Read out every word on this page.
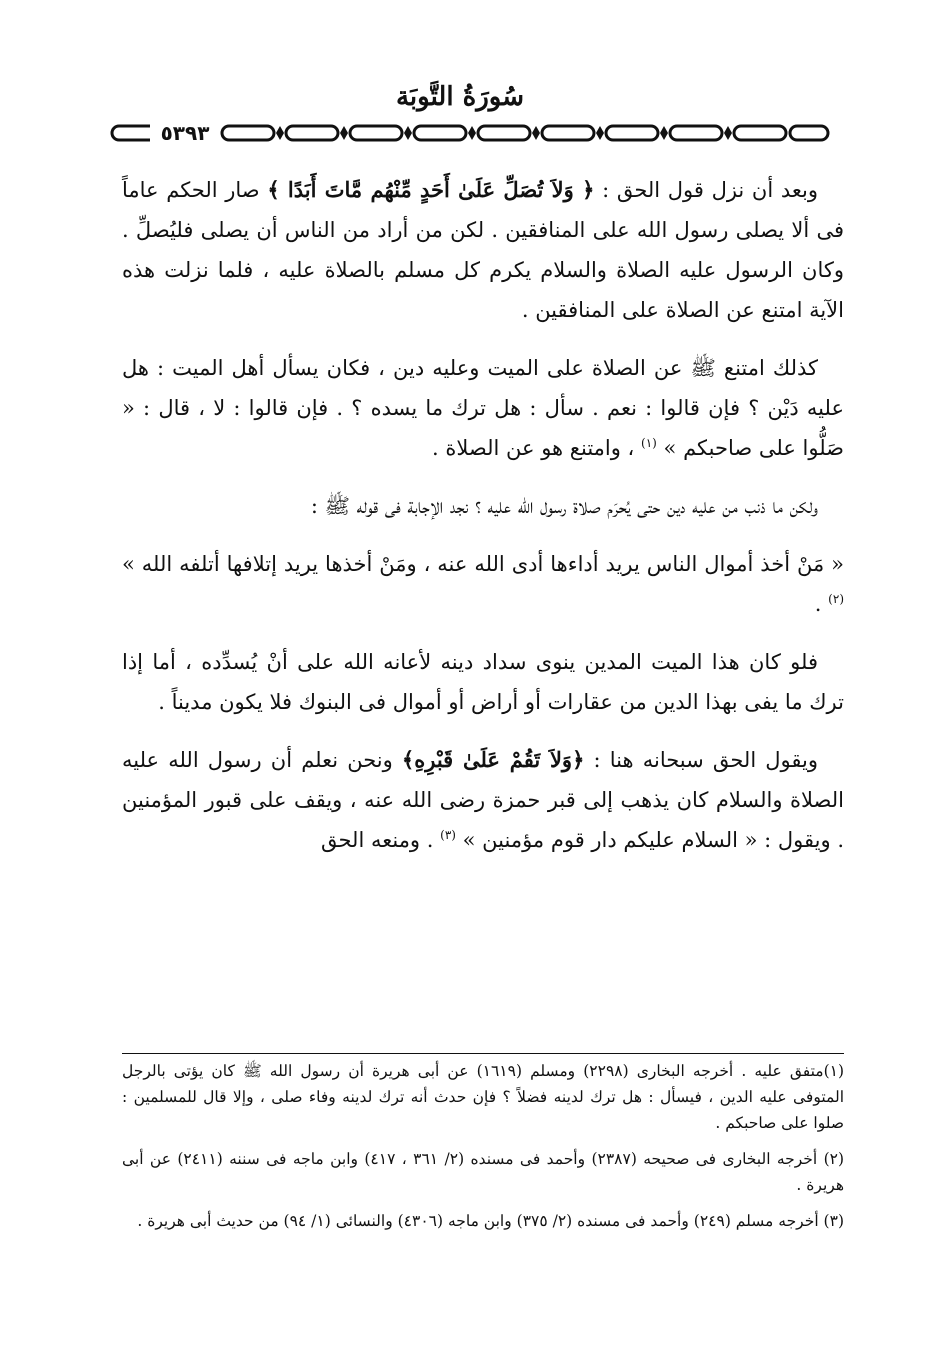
سُورَةُ التَّوبَة
٥٣٩٣

وبعد أن نزل قول الحق : ﴿ وَلاَ تُصَلِّ عَلَىٰ أَحَدٍ مِّنْهُم مَّاتَ أَبَدًا ﴾ صار الحكم عاماً فى ألا يصلى رسول الله على المنافقين . لكن من أراد من الناس أن يصلى فليُصلِّ . وكان الرسول عليه الصلاة والسلام يكرم كل مسلم بالصلاة عليه ، فلما نزلت هذه الآية امتنع عن الصلاة على المنافقين .

كذلك امتنع ﷺ عن الصلاة على الميت وعليه دين ، فكان يسأل أهل الميت : هل عليه دَيْن ؟ فإن قالوا : نعم . سأل : هل ترك ما يسده ؟ . فإن قالوا : لا ، قال : « صَلُّوا على صاحبكم » $^{(١)}$ ، وامتنع هو عن الصلاة .

ولكن ما ذنب من عليه دين حتى يُحرَم صلاة رسول الله عليه ؟ نجد الإجابة فى قوله ﷺ :

« مَنْ أخذ أموال الناس يريد أداءها أدى الله عنه ، ومَنْ أخذها يريد إتلافها أتلفه الله » $^{(٢)}$ .

فلو كان هذا الميت المدين ينوى سداد دينه لأعانه الله على أنْ يُسدِّده ، أما إذا ترك ما يفى بهذا الدين من عقارات أو أراض أو أموال فى البنوك فلا يكون مديناً .

ويقول الحق سبحانه هنا : ﴿وَلاَ تَقُمْ عَلَىٰ قَبْرِهِ﴾ ونحن نعلم أن رسول الله عليه الصلاة والسلام كان يذهب إلى قبر حمزة رضى الله عنه ، ويقف على قبور المؤمنين . ويقول : « السلام عليكم دار قوم مؤمنين » $^{(٣)}$ . ومنعه الحق

(١)متفق عليه . أخرجه البخارى (٢٢٩٨) ومسلم (١٦١٩) عن أبى هريرة أن رسول الله ﷺ كان يؤتى بالرجل المتوفى عليه الدين ، فيسأل : هل ترك لدينه فضلاً ؟ فإن حدث أنه ترك لدينه وفاء صلى ، وإلا قال للمسلمين : صلوا على صاحبكم .

(٢) أخرجه البخارى فى صحيحه (٢٣٨٧) وأحمد فى مسنده (٢/ ٣٦١ ، ٤١٧) وابن ماجه فى سننه (٢٤١١) عن أبى هريرة .

(٣) أخرجه مسلم (٢٤٩) وأحمد فى مسنده (٢/ ٣٧٥) وابن ماجه (٤٣٠٦) والنسائى (١/ ٩٤) من حديث أبى هريرة .
